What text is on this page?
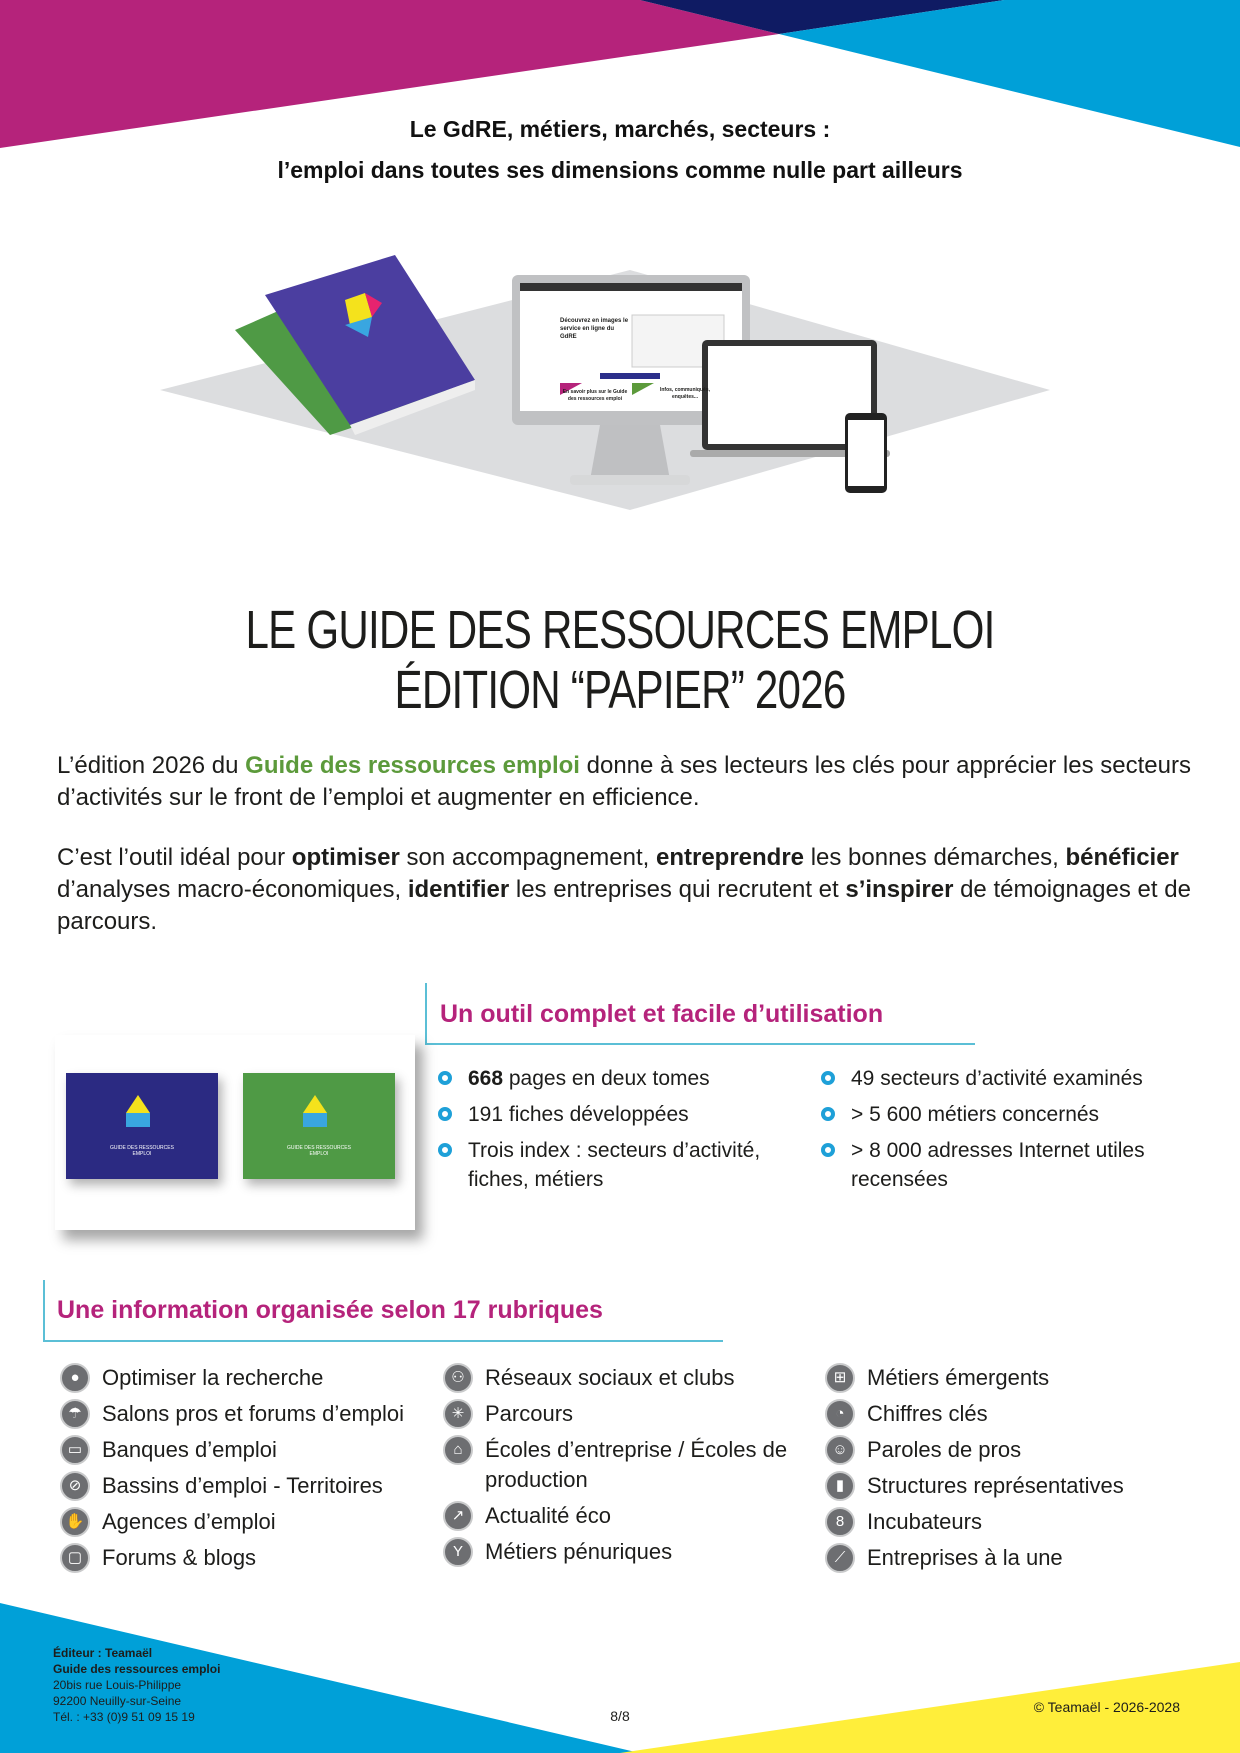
Le GdRE, métiers, marchés, secteurs :
l’emploi dans toutes ses dimensions comme nulle part ailleurs
Découvrez en images le service en ligne du GdRE
En savoir plus sur le Guide des ressources emploi
Infos, communiqués, enquêtes...
LE GUIDE DES RESSOURCES EMPLOI
ÉDITION “PAPIER” 2026
L’édition 2026 du Guide des ressources emploi donne à ses lecteurs les clés pour apprécier les secteurs d’activités sur le front de l’emploi et augmenter en efficience.
C’est l’outil idéal pour optimiser son accompagnement, entreprendre les bonnes démarches, bénéficier d’analyses macro-économiques, identifier les entreprises qui recrutent et s’inspirer de témoignages et de parcours.
Un outil complet et facile d’utilisation
GUIDE DES RESSOURCES EMPLOI
GUIDE DES RESSOURCES EMPLOI
668 pages en deux tomes
191 fiches développées
Trois index : secteurs d’activité, fiches, métiers
49 secteurs d’activité examinés
> 5 600 métiers concernés
> 8 000 adresses Internet utiles recensées
Une information organisée selon 17 rubriques
●	Optimiser la recherche
☂ Salons pros et forums d’emploi
▭ Banques d’emploi
⊘ Bassins d’emploi - Territoires
✋ Agences d’emploi
▢ Forums & blogs
⚇ Réseaux sociaux et clubs
✳ Parcours
⌂	Écoles d’entreprise / Écoles de production
↗ Actualité éco
Y	Métiers pénuriques
⊞ Métiers émergents
◔	Chiffres clés
☺ Paroles de pros
▮	Structures représentatives
8	Incubateurs
⟋ Entreprises à la une
Éditeur : Teamaël
Guide des ressources emploi
20bis rue Louis-Philippe
92200 Neuilly-sur-Seine
Tél. : +33 (0)9 51 09 15 19	8/8
© Teamaël - 2026-2028
